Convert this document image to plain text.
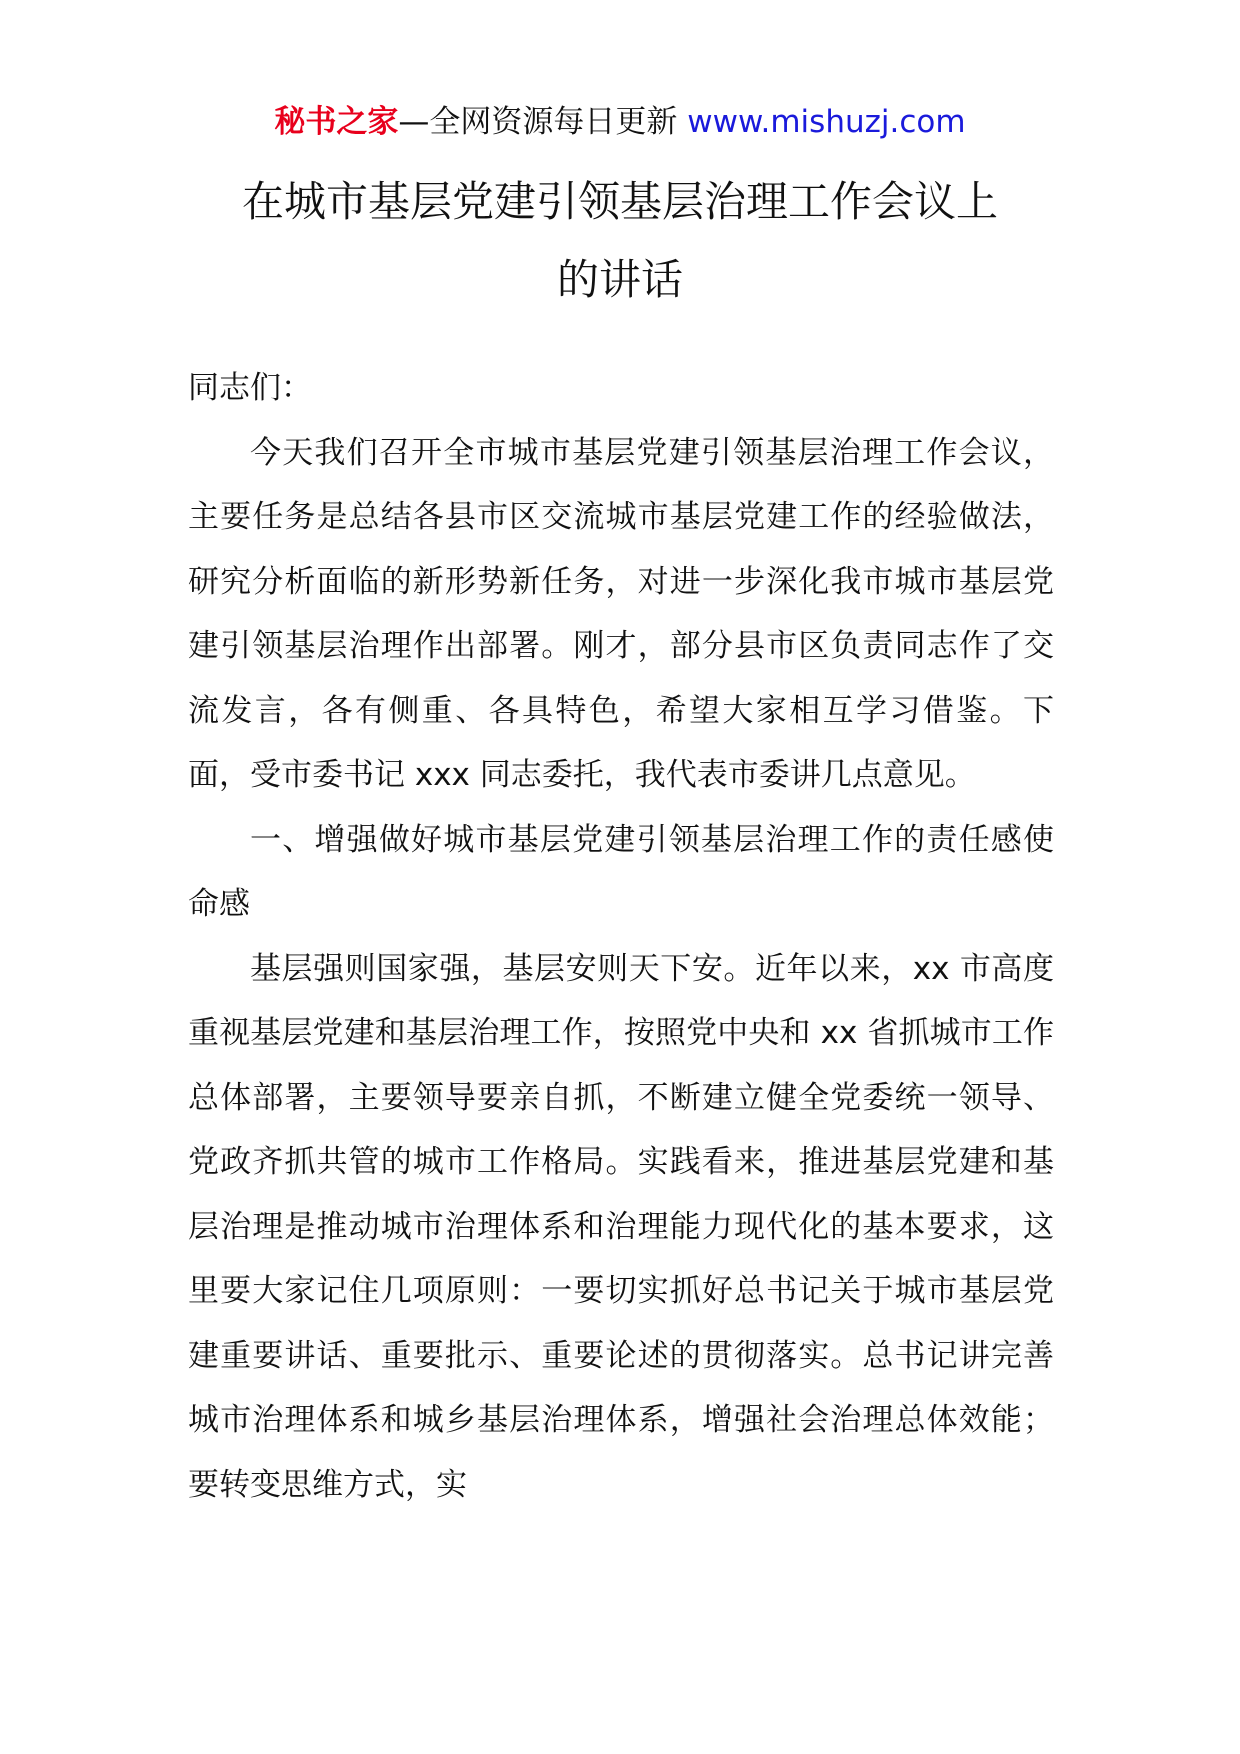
秘书之家—全网资源每日更新 www.mishuzj.com
在城市基层党建引领基层治理工作会议上
的讲话

同志们：

今天我们召开全市城市基层党建引领基层治理工作会议，主要任务是总结各县市区交流城市基层党建工作的经验做法，研究分析面临的新形势新任务，对进一步深化我市城市基层党建引领基层治理作出部署。刚才，部分县市区负责同志作了交流发言，各有侧重、各具特色，希望大家相互学习借鉴。下面，受市委书记 xxx 同志委托，我代表市委讲几点意见。

一、增强做好城市基层党建引领基层治理工作的责任感使命感

基层强则国家强，基层安则天下安。近年以来，xx 市高度重视基层党建和基层治理工作，按照党中央和 xx 省抓城市工作总体部署，主要领导要亲自抓，不断建立健全党委统一领导、党政齐抓共管的城市工作格局。实践看来，推进基层党建和基层治理是推动城市治理体系和治理能力现代化的基本要求，这里要大家记住几项原则：一要切实抓好总书记关于城市基层党建重要讲话、重要批示、重要论述的贯彻落实。总书记讲完善城市治理体系和城乡基层治理体系，增强社会治理总体效能；要转变思维方式，实
